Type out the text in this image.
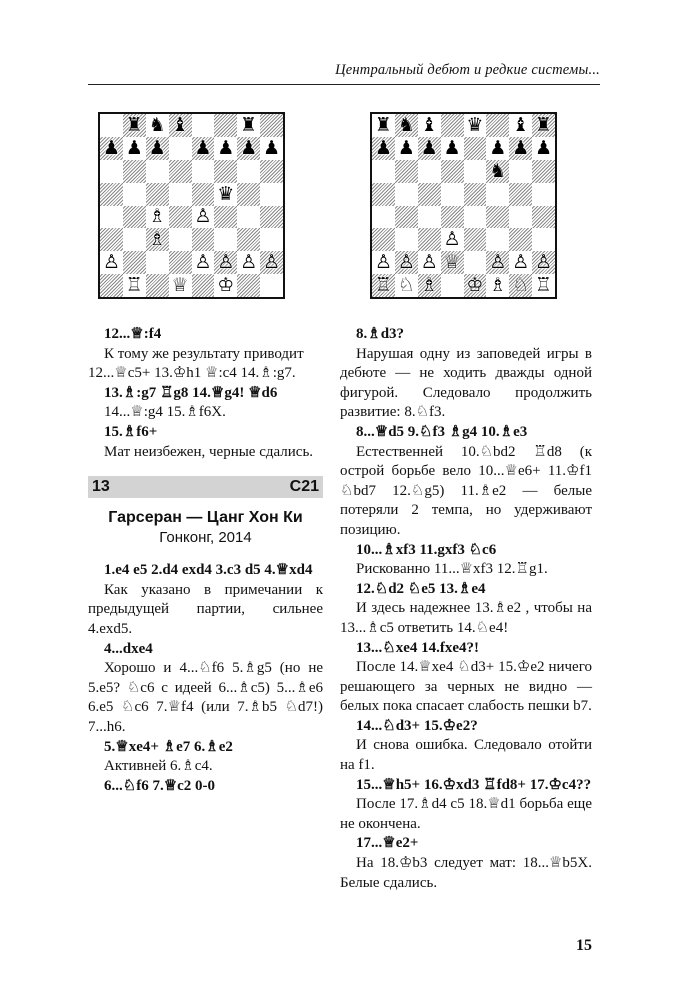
Центральный дебют и редкие системы...
♜ ♞ ♝	♜
♟ ♟ ♟ ♟ ♟ ♟ ♟
♛
♗ ♙
♗
♙	♙ ♙ ♙ ♙
♖ ♕ ♔
♜ ♞ ♝ ♛ ♝ ♜
♟ ♟ ♟ ♟ ♟ ♟ ♟
♞
♙
♙ ♙ ♙ ♕ ♙ ♙ ♙
♖ ♘ ♗ ♔ ♗ ♘ ♖

12...♕:f4

К тому же результату приводит

12...♕c5+ 13.♔h1 ♕:c4 14.♗:g7.

13.♗:g7 ♖g8 14.♕g4! ♕d6

14...♕:g4 15.♗f6X.

15.♗f6+

Мат неизбежен, черные сдались.

13	C21
Гарсеран — Цанг Хон Ки
Гонконг, 2014

1.e4 e5 2.d4 exd4 3.c3 d5 4.♕xd4

Как указано в примечании к предыдущей партии, сильнее 4.exd5.

4...dxe4

Хорошо и 4...♘f6 5.♗g5 (но не 5.e5? ♘c6 с идеей 6...♗c5) 5...♗e6 6.e5 ♘c6 7.♕f4 (или 7.♗b5 ♘d7!) 7...h6.

5.♕xe4+ ♗e7 6.♗e2

Активней 6.♗c4.

6...♘f6 7.♕c2 0-0

8.♗d3?

Нарушая одну из заповедей игры в дебюте — не ходить дважды одной фигурой. Следовало продолжить развитие: 8.♘f3.

8...♕d5 9.♘f3 ♗g4 10.♗e3

Естественней 10.♘bd2 ♖d8 (к острой борьбе вело 10...♕e6+ 11.♔f1 ♘bd7 12.♘g5) 11.♗e2 — белые потеряли 2 темпа, но удерживают позицию.

10...♗xf3 11.gxf3 ♘c6

Рискованно 11...♕xf3 12.♖g1.

12.♘d2 ♘e5 13.♗e4

И здесь надежнее 13.♗e2 , чтобы на 13...♗c5 ответить 14.♘e4!

13...♘xe4 14.fxe4?!

После 14.♕xe4 ♘d3+ 15.♔e2 ничего решающего за черных не видно — белых пока спасает слабость пешки b7.

14...♘d3+ 15.♔e2?

И снова ошибка. Следовало отойти на f1.

15...♕h5+ 16.♔xd3 ♖fd8+ 17.♔c4??

После 17.♗d4 c5 18.♕d1 борьба еще не окончена.

17...♕e2+

На 18.♔b3 следует мат: 18...♕b5X. Белые сдались.

15
